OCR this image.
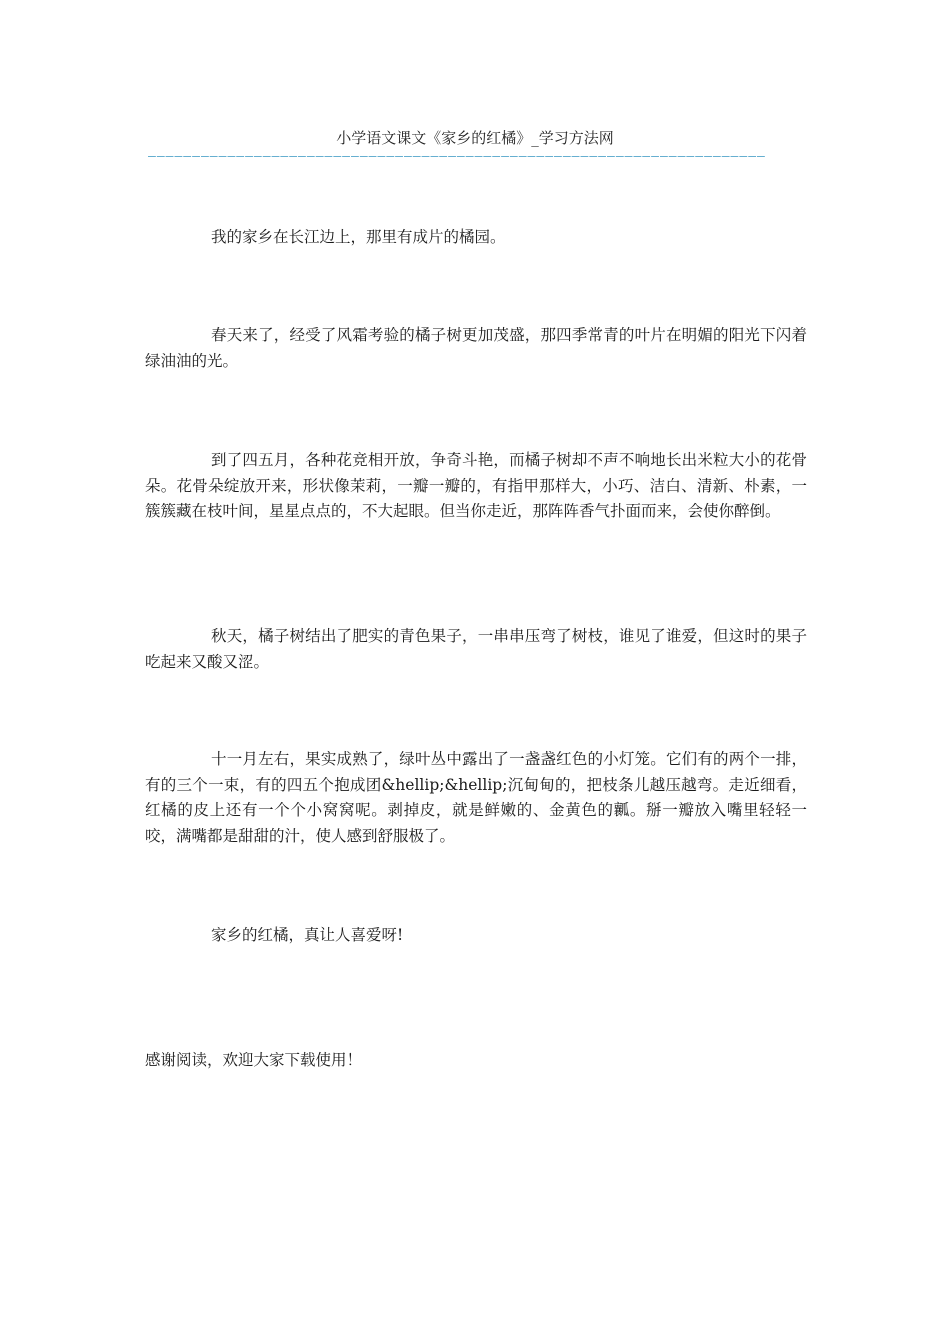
小学语文课文《家乡的红橘》_学习方法网
——————————————————————————————————————————————————————————————————————

我的家乡在长江边上，那里有成片的橘园。

春天来了，经受了风霜考验的橘子树更加茂盛，那四季常青的叶片在明媚的阳光下闪着绿油油的光。

到了四五月，各种花竞相开放，争奇斗艳，而橘子树却不声不响地长出米粒大小的花骨朵。花骨朵绽放开来，形状像茉莉，一瓣一瓣的，有指甲那样大，小巧、洁白、清新、朴素，一簇簇藏在枝叶间，星星点点的，不大起眼。但当你走近，那阵阵香气扑面而来，会使你醉倒。

秋天，橘子树结出了肥实的青色果子，一串串压弯了树枝，谁见了谁爱，但这时的果子吃起来又酸又涩。

十一月左右，果实成熟了，绿叶丛中露出了一盏盏红色的小灯笼。它们有的两个一排，有的三个一束，有的四五个抱成团&hellip;&hellip;沉甸甸的，把枝条儿越压越弯。走近细看，红橘的皮上还有一个个小窝窝呢。剥掉皮，就是鲜嫩的、金黄色的瓤。掰一瓣放入嘴里轻轻一咬，满嘴都是甜甜的汁，使人感到舒服极了。

家乡的红橘，真让人喜爱呀!

感谢阅读，欢迎大家下载使用！
